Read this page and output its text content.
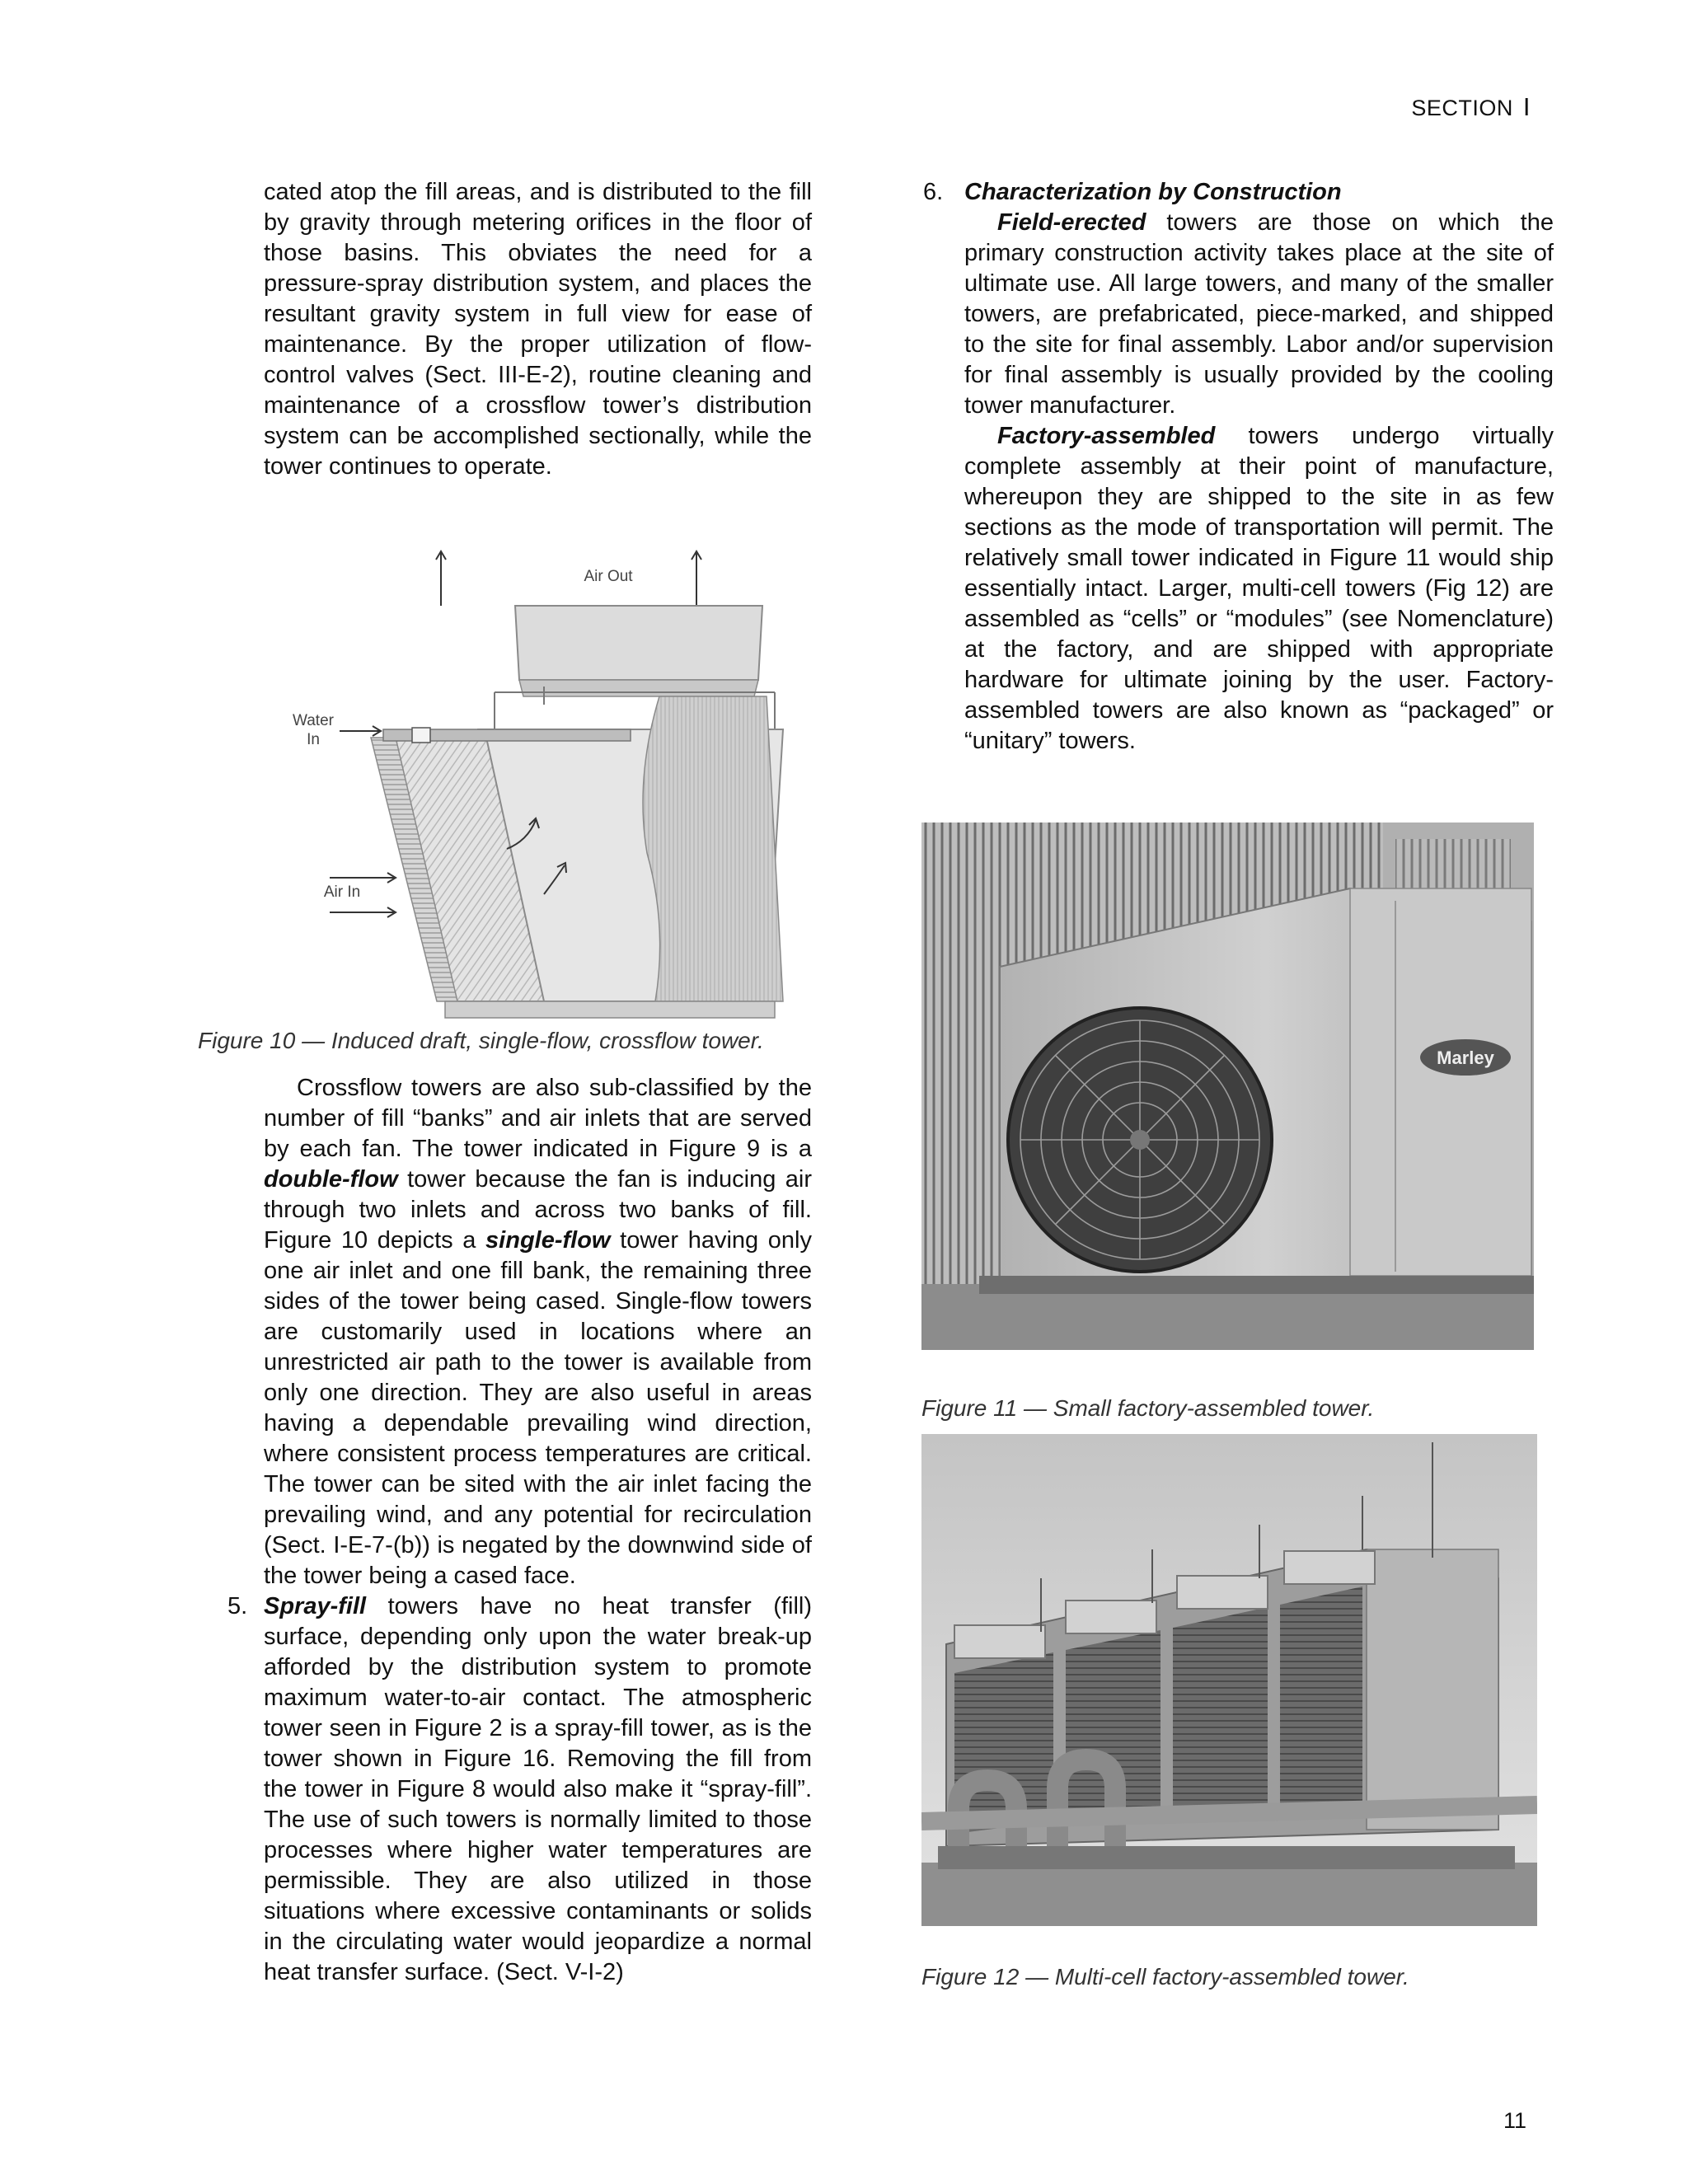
SECTION I

cated atop the fill areas, and is distributed to the fill by gravity through metering orifices in the floor of those basins. This obviates the need for a pressure-spray distribution system, and places the resultant gravity system in full view for ease of maintenance. By the proper utilization of flow-control valves (Sect. III-E-2), routine cleaning and maintenance of a crossflow tower’s distribution system can be accomplished sectionally, while the tower continues to operate.

Air Out
Water
In
Air In
Figure 10 — Induced draft, single-flow, crossflow tower.

Crossflow towers are also sub-classified by the number of fill “banks” and air inlets that are served by each fan. The tower indicated in Figure 9 is a double-flow tower because the fan is inducing air through two inlets and across two banks of fill. Figure 10 depicts a single-flow tower having only one air inlet and one fill bank, the remaining three sides of the tower being cased. Single-flow towers are customarily used in locations where an unrestricted air path to the tower is available from only one direction. They are also useful in areas having a dependable prevailing wind direction, where consistent process temperatures are critical. The tower can be sited with the air inlet facing the prevailing wind, and any potential for recirculation (Sect. I-E-7-(b)) is negated by the downwind side of the tower being a cased face.

5. Spray-fill towers have no heat transfer (fill) surface, depending only upon the water break-up afforded by the distribution system to promote maximum water-to-air contact. The atmospheric tower seen in Figure 2 is a spray-fill tower, as is the tower shown in Figure 16. Removing the fill from the tower in Figure 8 would also make it “spray-fill”. The use of such towers is normally limited to those processes where higher water temperatures are permissible. They are also utilized in those situations where excessive contaminants or solids in the circulating water would jeopardize a normal heat transfer surface. (Sect. V-I-2)

6. Characterization by Construction

Field-erected towers are those on which the primary construction activity takes place at the site of ultimate use. All large towers, and many of the smaller towers, are prefabricated, piece-marked, and shipped to the site for final assembly. Labor and/or supervision for final assembly is usually provided by the cooling tower manufacturer.

Factory-assembled towers undergo virtually complete assembly at their point of manufacture, whereupon they are shipped to the site in as few sections as the mode of transportation will permit. The relatively small tower indicated in Figure 11 would ship essentially intact. Larger, multi-cell towers (Fig 12) are assembled as “cells” or “modules” (see Nomenclature) at the factory, and are shipped with appropriate hardware for ultimate joining by the user. Factory-assembled towers are also known as “packaged” or “unitary” towers.

Marley
Figure 11 — Small factory-assembled tower.
Figure 12 — Multi-cell factory-assembled tower.
11
